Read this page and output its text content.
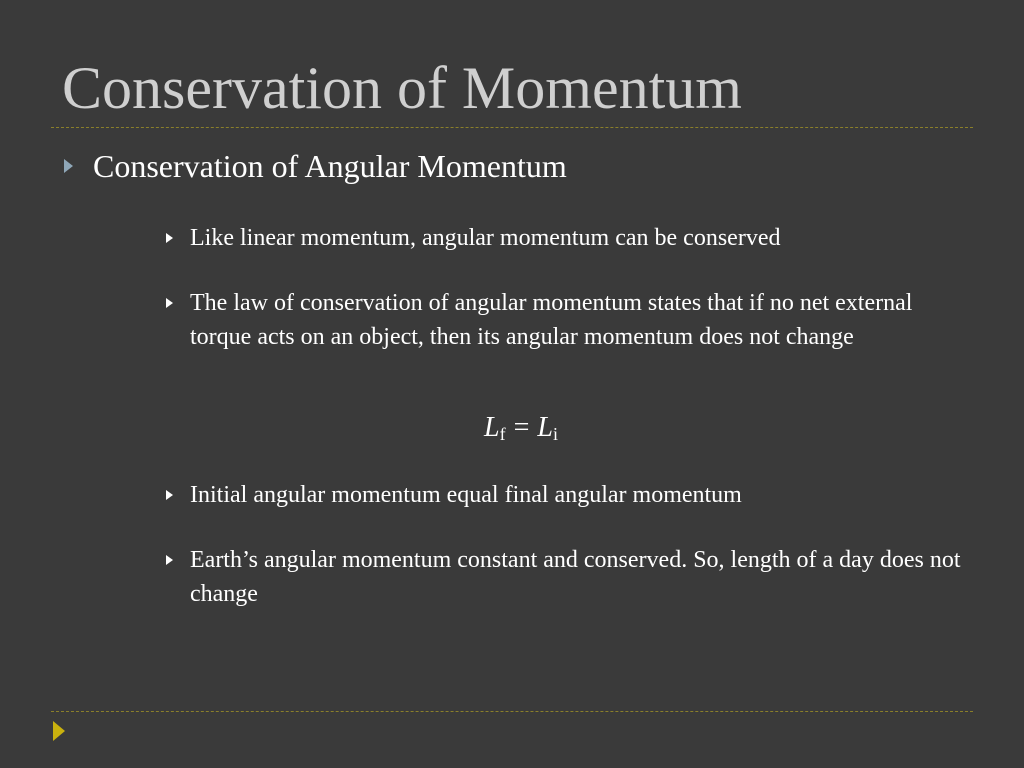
Conservation of Momentum
Conservation of Angular Momentum
Like linear momentum, angular momentum can be conserved
The law of conservation of angular momentum states that if no net external torque acts on an object, then its angular momentum does not change
$L_f = L_i$
Initial angular momentum equal final angular momentum
Earth’s angular momentum constant and conserved. So, length of a day does not change
